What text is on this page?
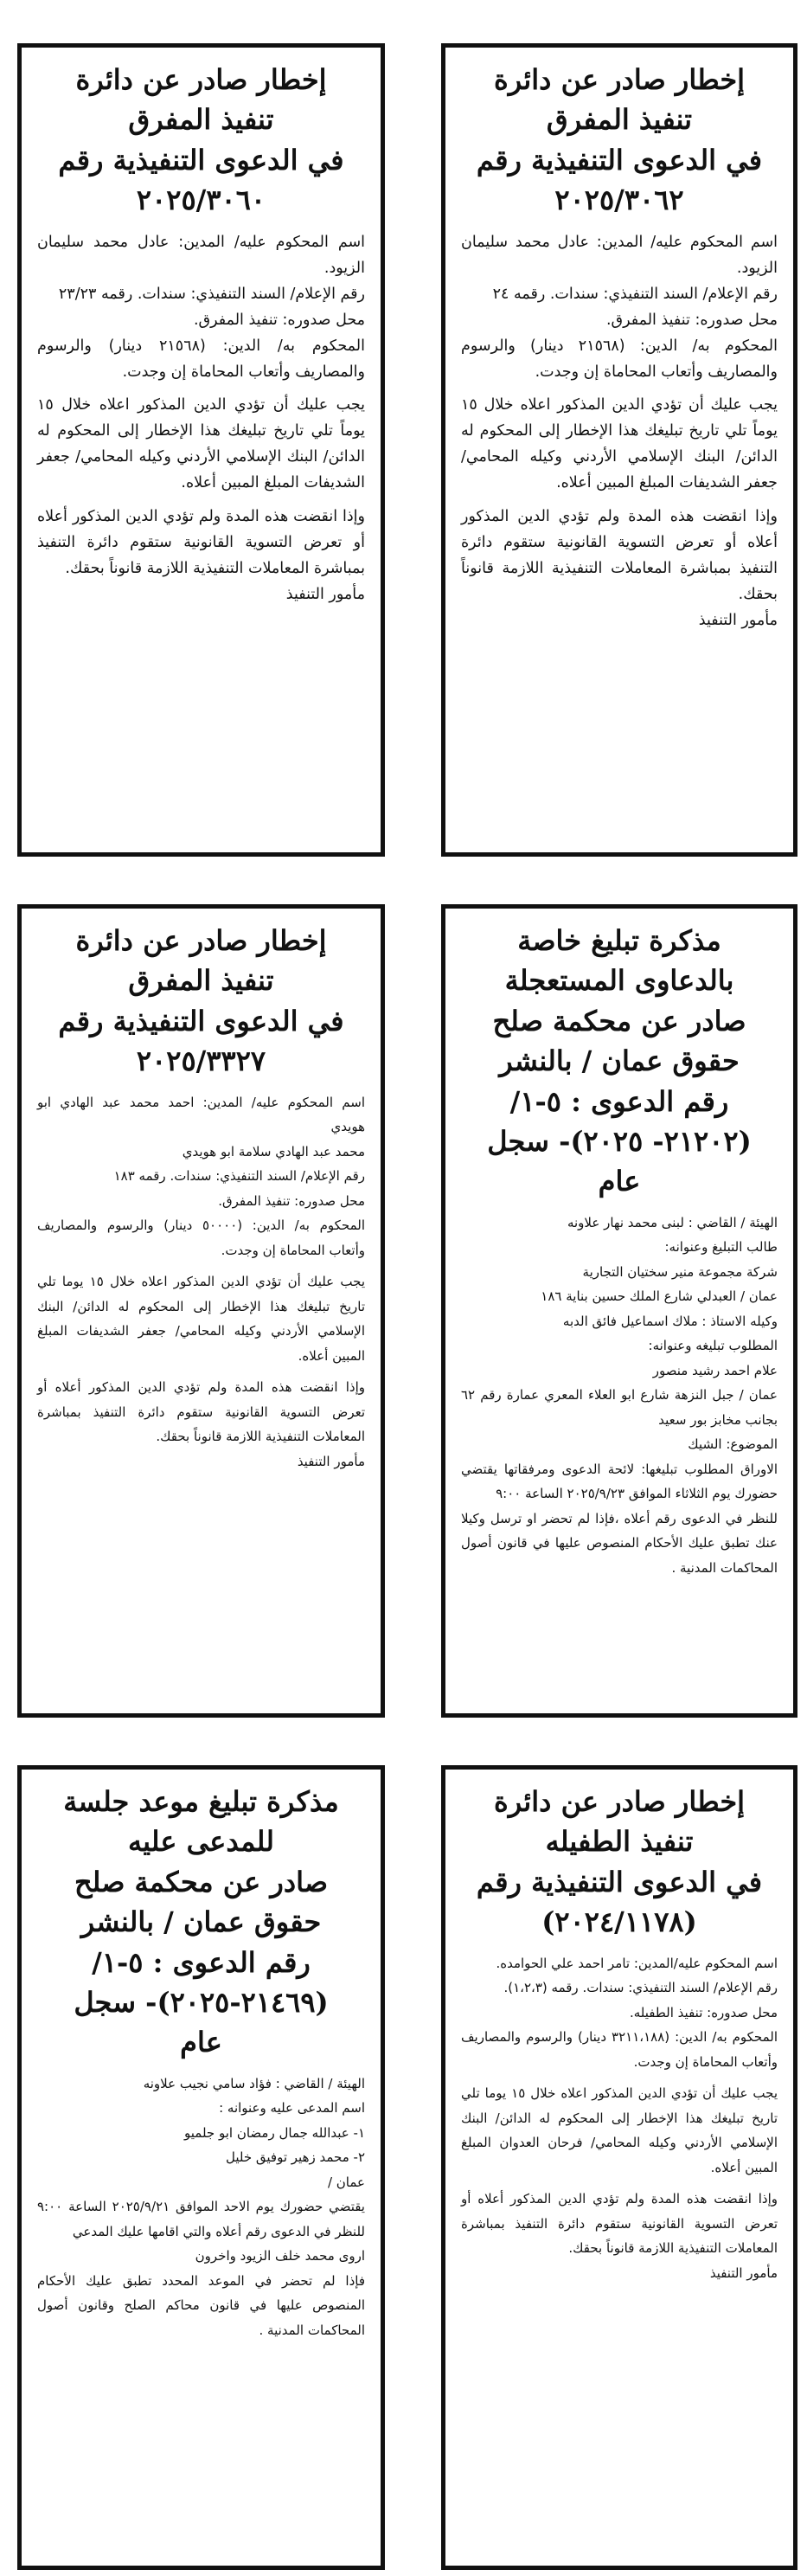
إخطار صادر عن دائرة
تنفيذ المفرق
في الدعوى التنفيذية رقم
٢٠٢٥/٣٠٦٢
اسم المحكوم عليه/ المدين: عادل محمد سليمان الزيود.
رقم الإعلام/ السند التنفيذي: سندات. رقمه ٢٤
محل صدوره: تنفيذ المفرق.
المحكوم به/ الدين: (٢١٥٦٨ دينار) والرسوم والمصاريف وأتعاب المحاماة إن وجدت.
يجب عليك أن تؤدي الدين المذكور اعلاه خلال ١٥ يوماً تلي تاريخ تبليغك هذا الإخطار إلى المحكوم له الدائن/ البنك الإسلامي الأردني وكيله المحامي/ جعفر الشديفات المبلغ المبين أعلاه.
وإذا انقضت هذه المدة ولم تؤدي الدين المذكور أعلاه أو تعرض التسوية القانونية ستقوم دائرة التنفيذ بمباشرة المعاملات التنفيذية اللازمة قانوناً بحقك.
مأمور التنفيذ
إخطار صادر عن دائرة
تنفيذ المفرق
في الدعوى التنفيذية رقم
٢٠٢٥/٣٠٦٠
اسم المحكوم عليه/ المدين: عادل محمد سليمان الزيود.
رقم الإعلام/ السند التنفيذي: سندات. رقمه ٢٣/٢٣
محل صدوره: تنفيذ المفرق.
المحكوم به/ الدين: (٢١٥٦٨ دينار) والرسوم والمصاريف وأتعاب المحاماة إن وجدت.
يجب عليك أن تؤدي الدين المذكور اعلاه خلال ١٥ يوماً تلي تاريخ تبليغك هذا الإخطار إلى المحكوم له الدائن/ البنك الإسلامي الأردني وكيله المحامي/ جعفر الشديفات المبلغ المبين أعلاه.
وإذا انقضت هذه المدة ولم تؤدي الدين المذكور أعلاه أو تعرض التسوية القانونية ستقوم دائرة التنفيذ بمباشرة المعاملات التنفيذية اللازمة قانوناً بحقك.
مأمور التنفيذ
مذكرة تبليغ خاصة
بالدعاوى المستعجلة
صادر عن محكمة صلح
حقوق عمان / بالنشر
رقم الدعوى : ٥-١/
(٢١٢٠٢- ٢٠٢٥)- سجل
عام
الهيئة / القاضي : لبنى محمد نهار علاونه
طالب التبليغ وعنوانه:
شركة مجموعة منير سختيان التجارية
عمان / العبدلي شارع الملك حسين بناية ١٨٦
وكيله الاستاذ : ملاك اسماعيل فائق الدبه
المطلوب تبليغه وعنوانه:
علام احمد رشيد منصور
عمان / جبل النزهة شارع ابو العلاء المعري عمارة رقم ٦٢ بجانب مخابز بور سعيد
الموضوع: الشيك
الاوراق المطلوب تبليغها: لائحة الدعوى ومرفقاتها يقتضي حضورك يوم الثلاثاء الموافق ٢٠٢٥/٩/٢٣ الساعة ٩:٠٠
للنظر في الدعوى رقم أعلاه ،فإذا لم تحضر او ترسل وكيلا عنك تطبق عليك الأحكام المنصوص عليها في قانون أصول المحاكمات المدنية .
إخطار صادر عن دائرة
تنفيذ المفرق
في الدعوى التنفيذية رقم
٢٠٢٥/٣٣٢٧
اسم المحكوم عليه/ المدين: احمد محمد عبد الهادي ابو هويدي
محمد عبد الهادي سلامة ابو هويدي
رقم الإعلام/ السند التنفيذي: سندات. رقمه ١٨٣
محل صدوره: تنفيذ المفرق.
المحكوم به/ الدين: (٥٠٠٠٠ دينار) والرسوم والمصاريف وأتعاب المحاماة إن وجدت.
يجب عليك أن تؤدي الدين المذكور اعلاه خلال ١٥ يوما تلي تاريخ تبليغك هذا الإخطار إلى المحكوم له الدائن/ البنك الإسلامي الأردني وكيله المحامي/ جعفر الشديفات المبلغ المبين أعلاه.
وإذا انقضت هذه المدة ولم تؤدي الدين المذكور أعلاه أو تعرض التسوية القانونية ستقوم دائرة التنفيذ بمباشرة المعاملات التنفيذية اللازمة قانوناً بحقك.
مأمور التنفيذ
إخطار صادر عن دائرة
تنفيذ الطفيله
في الدعوى التنفيذية رقم
(٢٠٢٤/١١٧٨)
اسم المحكوم عليه/المدين: تامر احمد علي الحوامده.
رقم الإعلام/ السند التنفيذي: سندات. رقمه (١،٢،٣).
محل صدوره: تنفيذ الطفيله.
المحكوم به/ الدين: (٣٢١١،١٨٨ دينار) والرسوم والمصاريف وأتعاب المحاماة إن وجدت.
يجب عليك أن تؤدي الدين المذكور اعلاه خلال ١٥ يوما تلي تاريخ تبليغك هذا الإخطار إلى المحكوم له الدائن/ البنك الإسلامي الأردني وكيله المحامي/ فرحان العدوان المبلغ المبين أعلاه.
وإذا انقضت هذه المدة ولم تؤدي الدين المذكور أعلاه أو تعرض التسوية القانونية ستقوم دائرة التنفيذ بمباشرة المعاملات التنفيذية اللازمة قانوناً بحقك.
مأمور التنفيذ
مذكرة تبليغ موعد جلسة
للمدعى عليه
صادر عن محكمة صلح
حقوق عمان / بالنشر
رقم الدعوى : ٥-١/
(٢١٤٦٩-٢٠٢٥)- سجل
عام
الهيئة / القاضي : فؤاد سامي نجيب علاونه
اسم المدعى عليه وعنوانه :
١- عبدالله جمال رمضان ابو جلميو
٢- محمد زهير توفيق خليل
عمان /
يقتضي حضورك يوم الاحد الموافق ٢٠٢٥/٩/٢١ الساعة ٩:٠٠ للنظر في الدعوى رقم أعلاه والتي اقامها عليك المدعي
اروى محمد خلف الزيود واخرون
فإذا لم تحضر في الموعد المحدد تطبق عليك الأحكام المنصوص عليها في قانون محاكم الصلح وقانون أصول المحاكمات المدنية .
